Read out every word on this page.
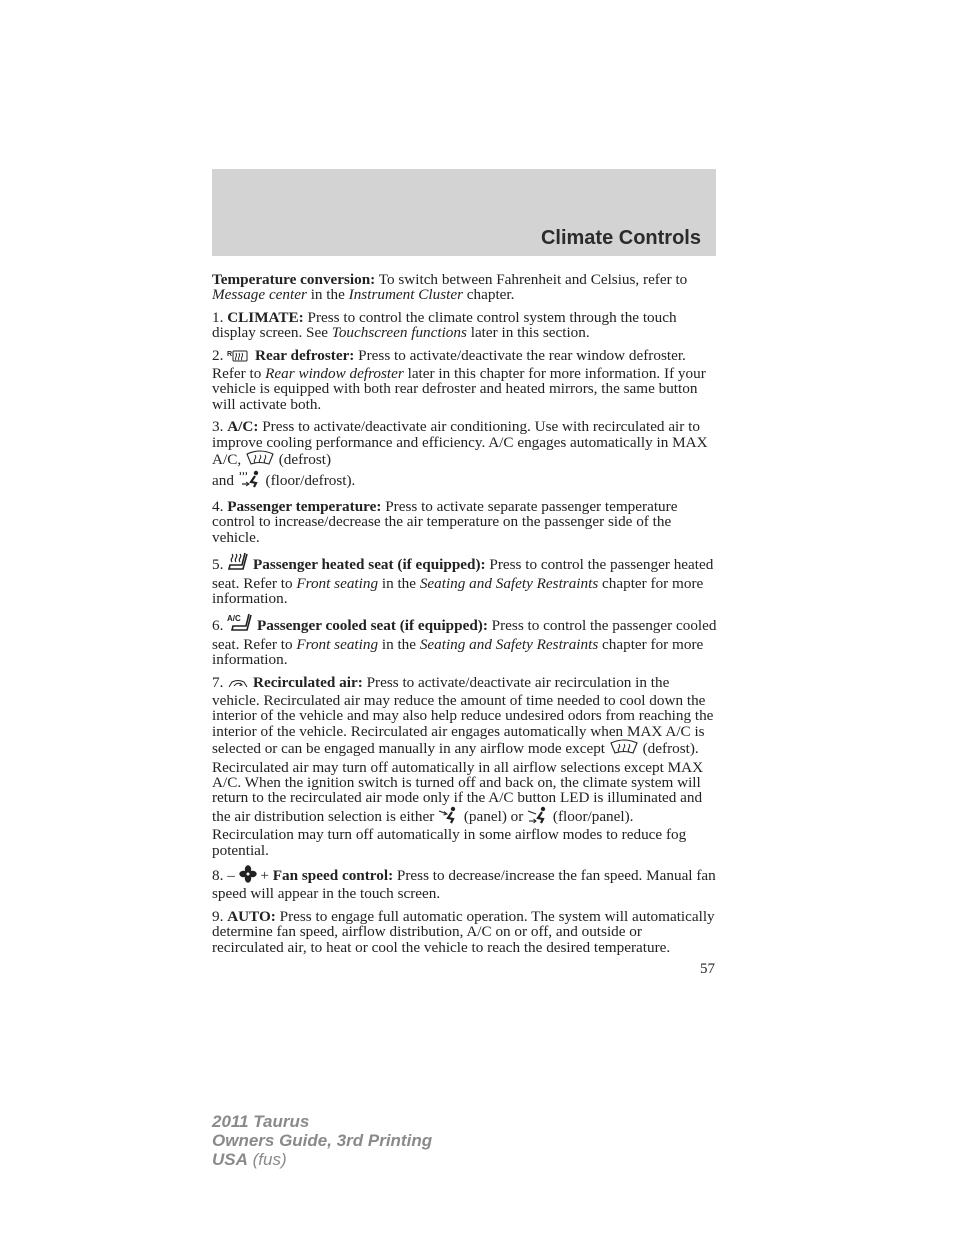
Climate Controls

Temperature conversion: To switch between Fahrenheit and Celsius, refer to Message center in the Instrument Cluster chapter.

1. CLIMATE: Press to control the climate control system through the touch display screen. See Touchscreen functions later in this section.

2. R Rear defroster: Press to activate/deactivate the rear window defroster. Refer to Rear window defroster later in this chapter for more information. If your vehicle is equipped with both rear defroster and heated mirrors, the same button will activate both.

3. A/C: Press to activate/deactivate air conditioning. Use with recirculated air to improve cooling performance and efficiency. A/C engages automatically in MAX A/C,  (defrost)
and  (floor/defrost).

4. Passenger temperature: Press to activate separate passenger temperature control to increase/decrease the air temperature on the passenger side of the vehicle.

5.  Passenger heated seat (if equipped): Press to control the passenger heated seat. Refer to Front seating in the Seating and Safety Restraints chapter for more information.

6. A/C Passenger cooled seat (if equipped): Press to control the passenger cooled seat. Refer to Front seating in the Seating and Safety Restraints chapter for more information.

7.  Recirculated air: Press to activate/deactivate air recirculation in the vehicle. Recirculated air may reduce the amount of time needed to cool down the interior of the vehicle and may also help reduce undesired odors from reaching the interior of the vehicle. Recirculated air engages automatically when MAX A/C is selected or can be engaged manually in any airflow mode except  (defrost). Recirculated air may turn off automatically in all airflow selections except MAX A/C. When the ignition switch is turned off and back on, the climate system will return to the recirculated air mode only if the A/C button LED is illuminated and the air distribution selection is either  (panel) or  (floor/panel). Recirculation may turn off automatically in some airflow modes to reduce fog potential.

8. –  + Fan speed control: Press to decrease/increase the fan speed. Manual fan speed will appear in the touch screen.

9. AUTO: Press to engage full automatic operation. The system will automatically determine fan speed, airflow distribution, A/C on or off, and outside or recirculated air, to heat or cool the vehicle to reach the desired temperature.

57
2011 Taurus
Owners Guide, 3rd Printing
USA (fus)
